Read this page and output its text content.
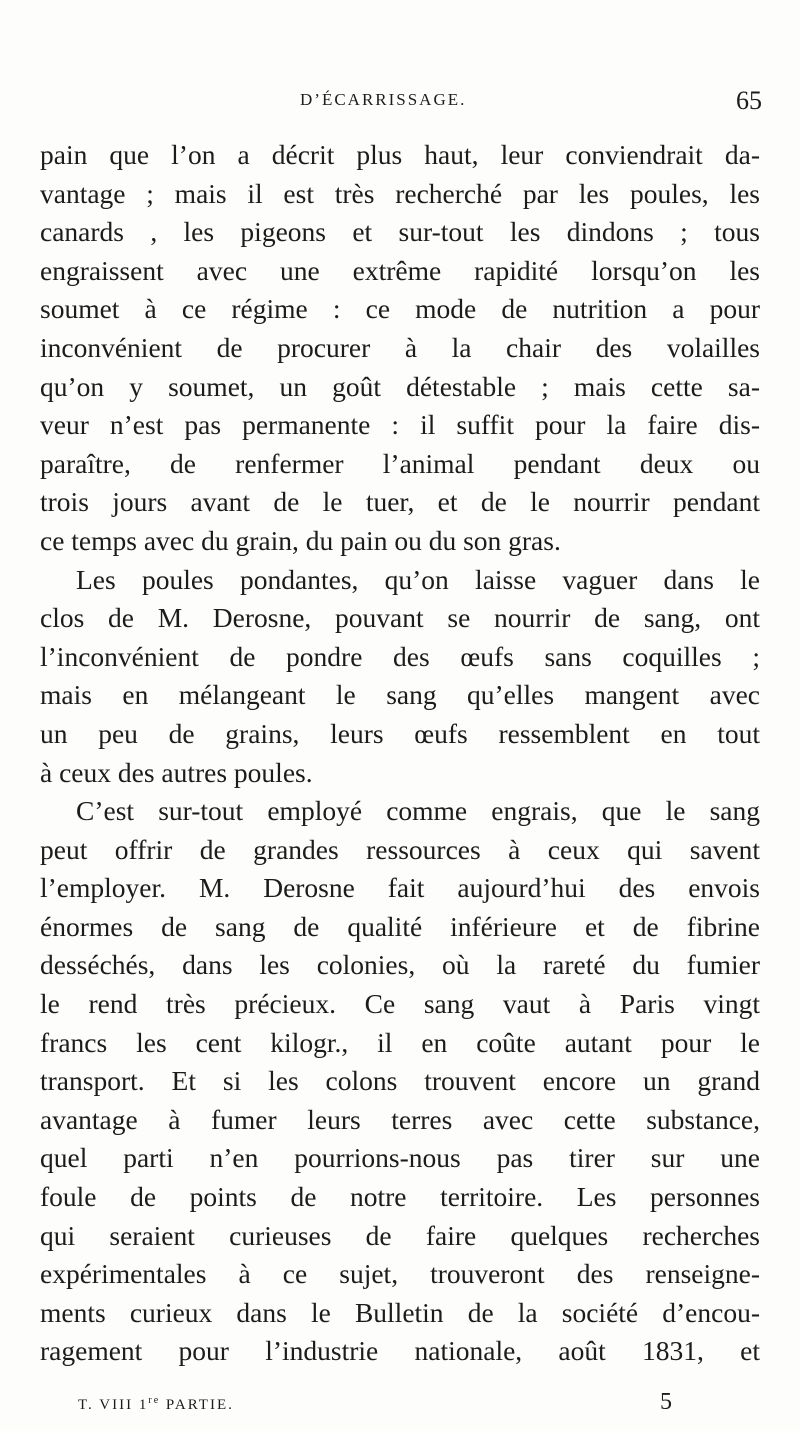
D’ÉCARRISSAGE.	65
pain que l’on a décrit plus haut, leur conviendrait da-
vantage ; mais il est très recherché par les poules, les
canards , les pigeons et sur-tout les dindons ; tous
engraissent avec une extrême rapidité lorsqu’on les
soumet à ce régime : ce mode de nutrition a pour
inconvénient de procurer à la chair des volailles
qu’on y soumet, un goût détestable ; mais cette sa-
veur n’est pas permanente : il suffit pour la faire dis-
paraître, de renfermer l’animal pendant deux ou
trois jours avant de le tuer, et de le nourrir pendant
ce temps avec du grain, du pain ou du son gras.
Les poules pondantes, qu’on laisse vaguer dans le
clos de M. Derosne, pouvant se nourrir de sang, ont
l’inconvénient de pondre des œufs sans coquilles ;
mais en mélangeant le sang qu’elles mangent avec
un peu de grains, leurs œufs ressemblent en tout
à ceux des autres poules.
C’est sur-tout employé comme engrais, que le sang
peut offrir de grandes ressources à ceux qui savent
l’employer. M. Derosne fait aujourd’hui des envois
énormes de sang de qualité inférieure et de fibrine
desséchés, dans les colonies, où la rareté du fumier
le rend très précieux. Ce sang vaut à Paris vingt
francs les cent kilogr., il en coûte autant pour le
transport. Et si les colons trouvent encore un grand
avantage à fumer leurs terres avec cette substance,
quel parti n’en pourrions-nous pas tirer sur une
foule de points de notre territoire. Les personnes
qui seraient curieuses de faire quelques recherches
expérimentales à ce sujet, trouveront des renseigne-
ments curieux dans le Bulletin de la société d’encou-
ragement pour l’industrie nationale, août 1831, et
T. VIII 1re PARTIE.	5
